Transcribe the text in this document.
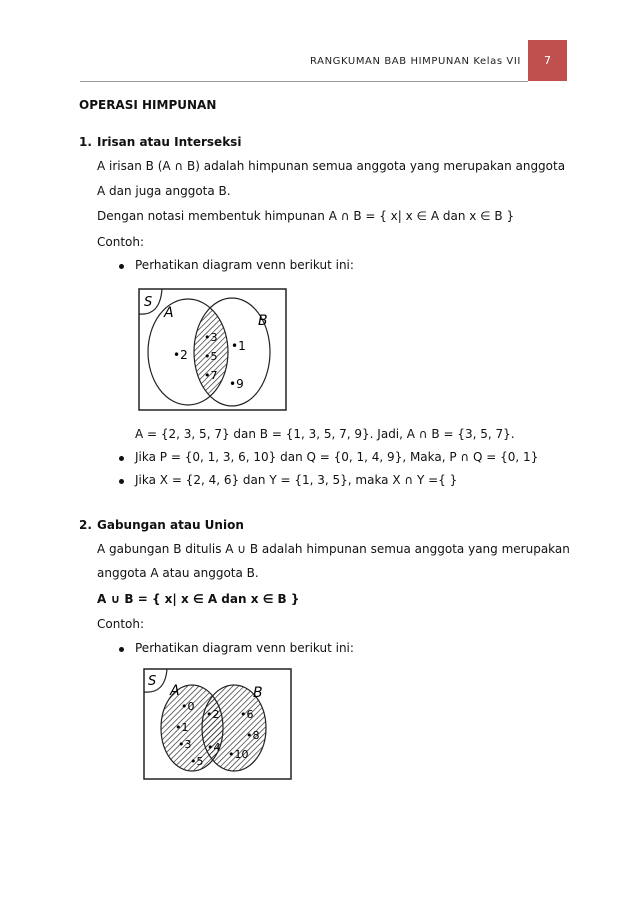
RANGKUMAN BAB HIMPUNAN Kelas VII	7
OPERASI HIMPUNAN
1. Irisan atau Interseksi
A irisan B (A ∩ B) adalah himpunan semua anggota yang merupakan anggota
A dan juga anggota B.
Dengan notasi membentuk himpunan A ∩ B = { x| x ∈ A dan x ∈ B }
Contoh:
Perhatikan diagram venn berikut ini:
S
A	B
•2
•3
•5
•7
•1
•9
A = {2, 3, 5, 7} dan B = {1, 3, 5, 7, 9}. Jadi, A ∩ B = {3, 5, 7}.
Jika P = {0, 1, 3, 6, 10} dan Q = {0, 1, 4, 9}, Maka, P ∩ Q = {0, 1}
Jika X = {2, 4, 6} dan Y = {1, 3, 5}, maka X ∩ Y ={ }
2. Gabungan atau Union
A gabungan B ditulis A ∪ B adalah himpunan semua anggota yang merupakan
anggota A atau anggota B.
A ∪ B = { x| x ∈ A dan x ∈ B }
Contoh:
Perhatikan diagram venn berikut ini:
S
A	B
•0
•1
•3
•5
•2
•4
•6
•8
•10
